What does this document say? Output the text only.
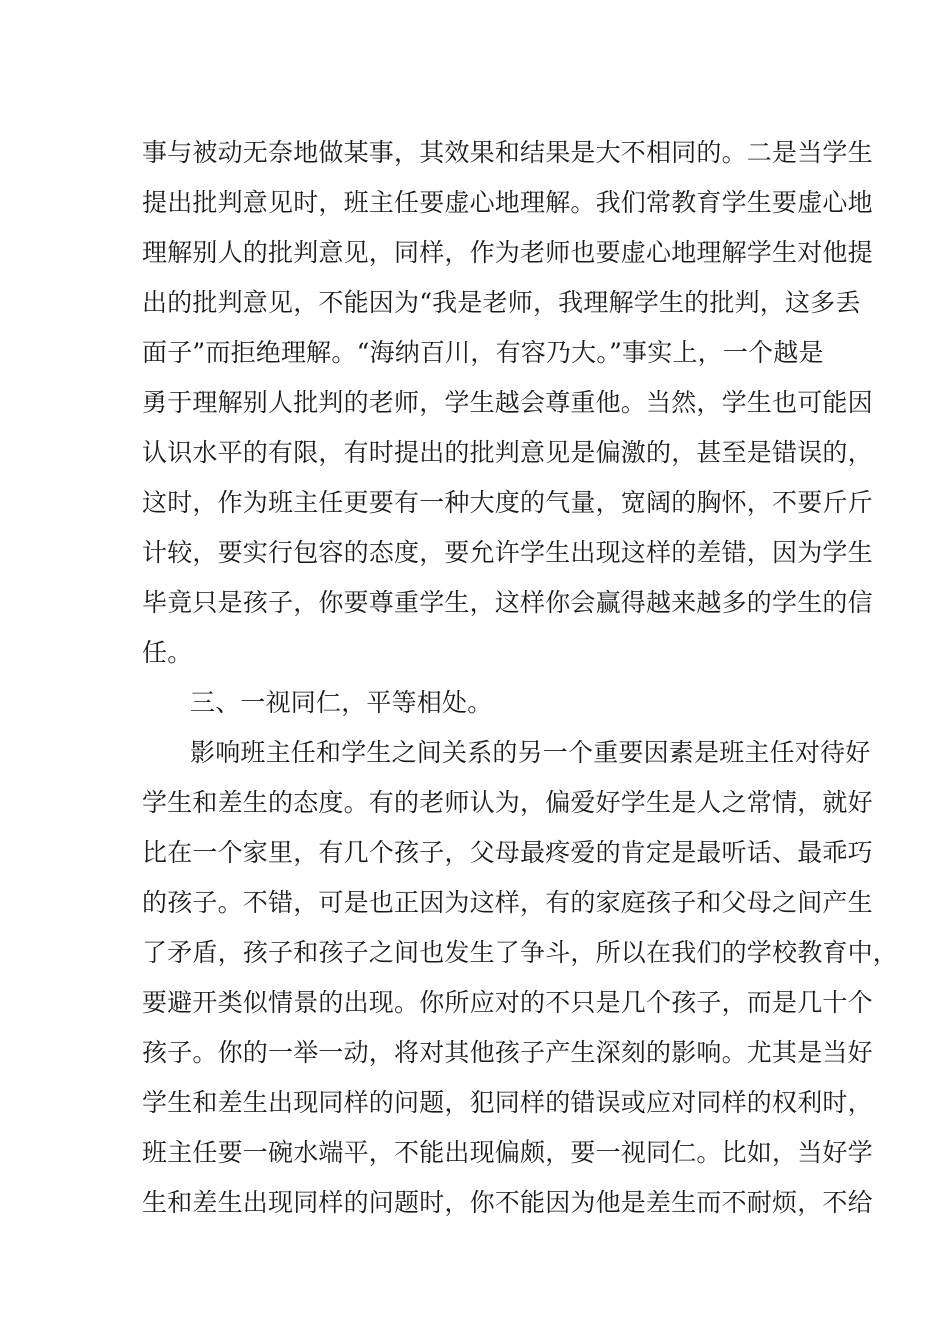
事与被动无奈地做某事，其效果和结果是大不相同的。二是当学生
提出批判意见时，班主任要虚心地理解。我们常教育学生要虚心地
理解别人的批判意见，同样，作为老师也要虚心地理解学生对他提
出的批判意见，不能因为“我是老师，我理解学生的批判，这多丢
面子”而拒绝理解。“海纳百川，有容乃大。”事实上，一个越是
勇于理解别人批判的老师，学生越会尊重他。当然，学生也可能因
认识水平的有限，有时提出的批判意见是偏激的，甚至是错误的，
这时，作为班主任更要有一种大度的气量，宽阔的胸怀，不要斤斤
计较，要实行包容的态度，要允许学生出现这样的差错，因为学生
毕竟只是孩子，你要尊重学生，这样你会赢得越来越多的学生的信
任。
三、一视同仁，平等相处。
影响班主任和学生之间关系的另一个重要因素是班主任对待好
学生和差生的态度。有的老师认为，偏爱好学生是人之常情，就好
比在一个家里，有几个孩子，父母最疼爱的肯定是最听话、最乖巧
的孩子。不错，可是也正因为这样，有的家庭孩子和父母之间产生
了矛盾，孩子和孩子之间也发生了争斗，所以在我们的学校教育中，
要避开类似情景的出现。你所应对的不只是几个孩子，而是几十个
孩子。你的一举一动，将对其他孩子产生深刻的影响。尤其是当好
学生和差生出现同样的问题，犯同样的错误或应对同样的权利时，
班主任要一碗水端平，不能出现偏颇，要一视同仁。比如，当好学
生和差生出现同样的问题时，你不能因为他是差生而不耐烦，不给
